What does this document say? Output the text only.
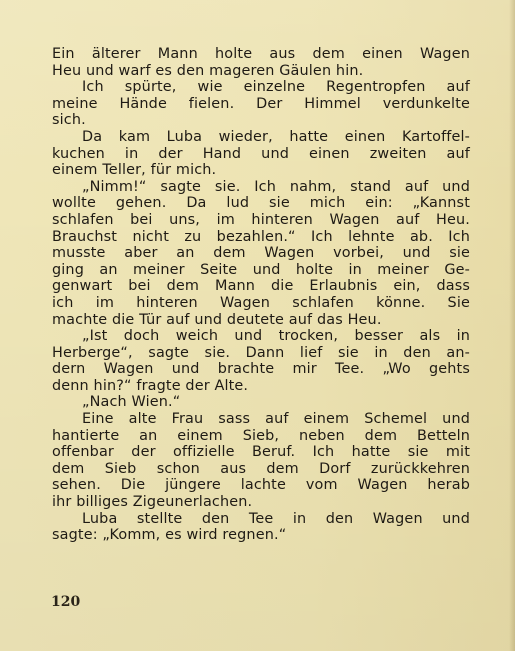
Ein älterer Mann holte aus dem einen Wagen
Heu und warf es den mageren Gäulen hin.
Ich spürte, wie einzelne Regentropfen auf
meine Hände fielen. Der Himmel verdunkelte
sich.
Da kam Luba wieder, hatte einen Kartoffel-
kuchen in der Hand und einen zweiten auf
einem Teller, für mich.
„Nimm!“ sagte sie. Ich nahm, stand auf und
wollte gehen. Da lud sie mich ein: „Kannst
schlafen bei uns, im hinteren Wagen auf Heu.
Brauchst nicht zu bezahlen.“ Ich lehnte ab. Ich
musste aber an dem Wagen vorbei, und sie
ging an meiner Seite und holte in meiner Ge-
genwart bei dem Mann die Erlaubnis ein, dass
ich im hinteren Wagen schlafen könne. Sie
machte die Tür auf und deutete auf das Heu.
„Ist doch weich und trocken, besser als in
Herberge“, sagte sie. Dann lief sie in den an-
dern Wagen und brachte mir Tee. „Wo gehts
denn hin?“ fragte der Alte.
„Nach Wien.“
Eine alte Frau sass auf einem Schemel und
hantierte an einem Sieb, neben dem Betteln
offenbar der offizielle Beruf. Ich hatte sie mit
dem Sieb schon aus dem Dorf zurückkehren
sehen. Die jüngere lachte vom Wagen herab
ihr billiges Zigeunerlachen.
Luba stellte den Tee in den Wagen und
sagte: „Komm, es wird regnen.“
120
